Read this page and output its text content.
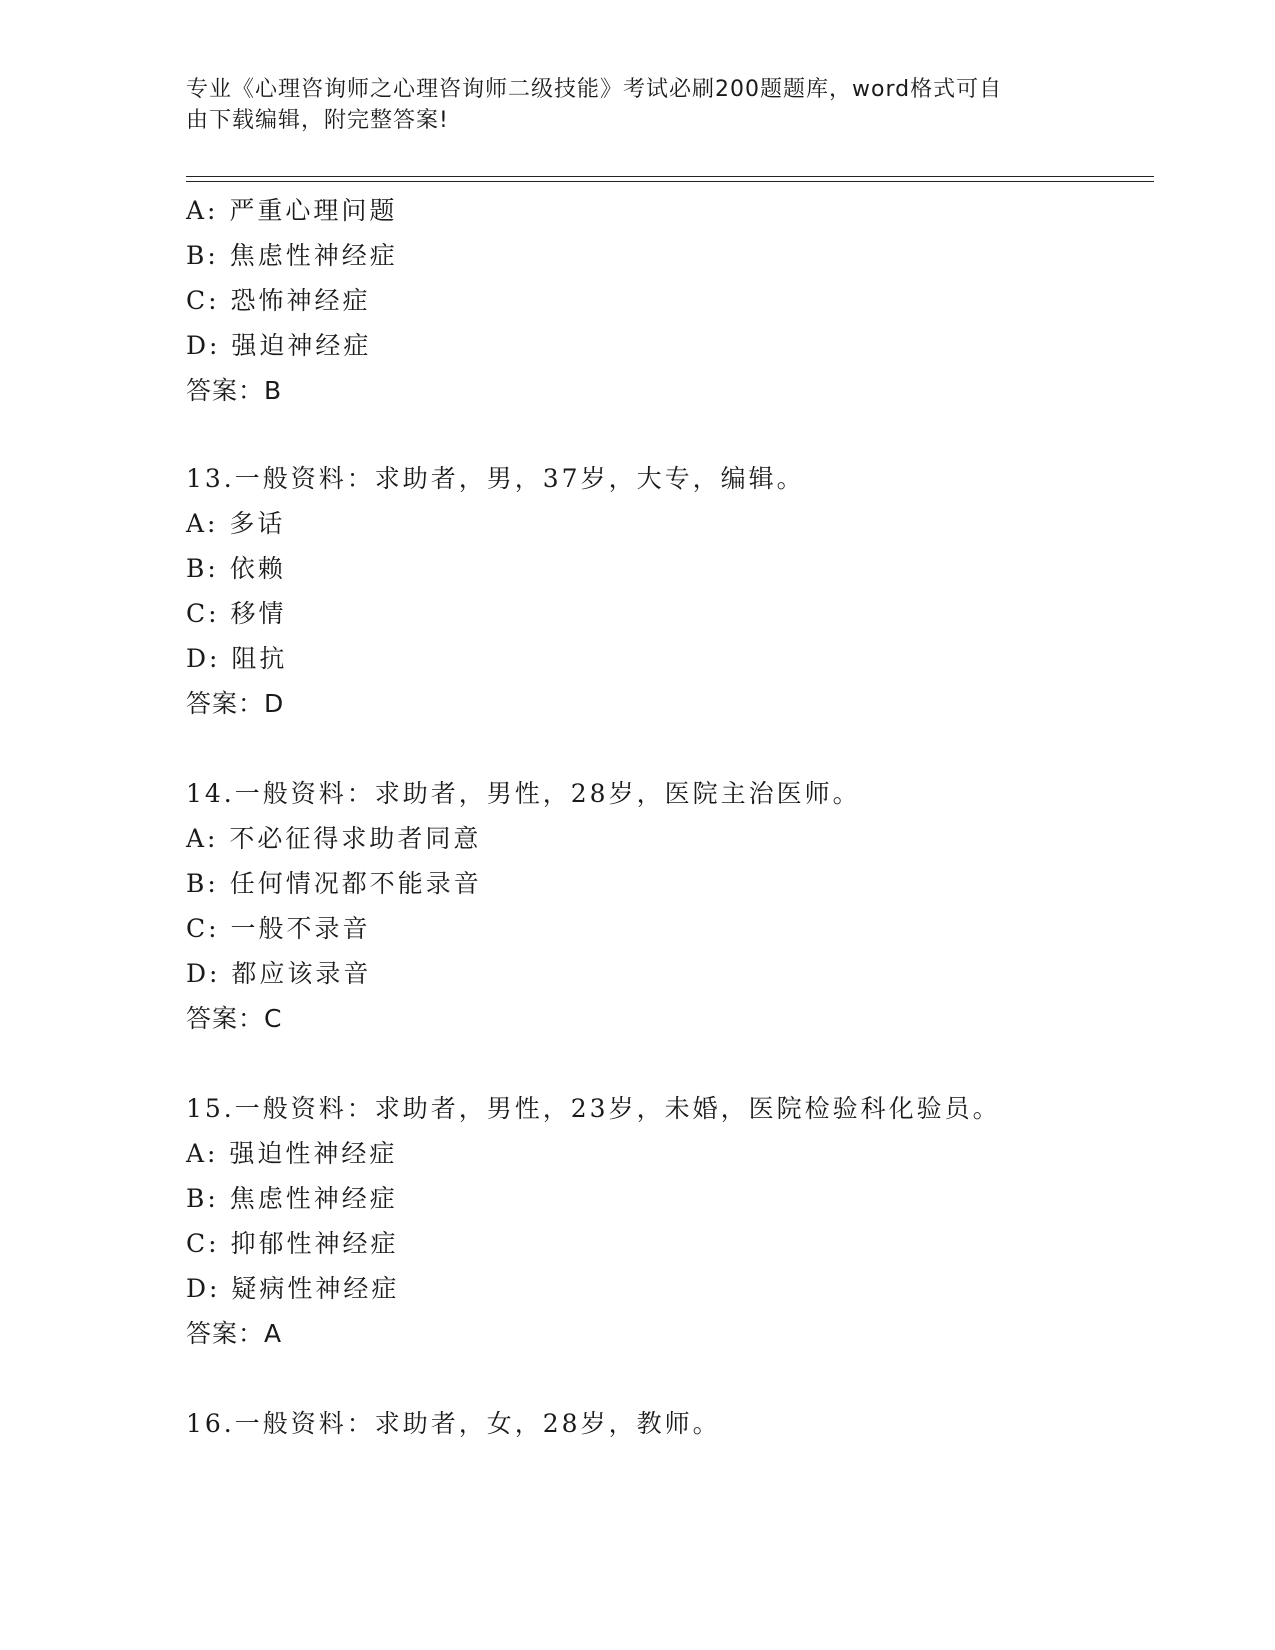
专业《心理咨询师之心理咨询师二级技能》考试必刷200题题库，word格式可自
由下载编辑，附完整答案!
A: 严重心理问题
B: 焦虑性神经症
C: 恐怖神经症
D: 强迫神经症
答案：B
13.一般资料：求助者，男，37岁，大专，编辑。
A: 多话
B: 依赖
C: 移情
D: 阻抗
答案：D
14.一般资料：求助者，男性，28岁，医院主治医师。
A: 不必征得求助者同意
B: 任何情况都不能录音
C: 一般不录音
D: 都应该录音
答案：C
15.一般资料：求助者，男性，23岁，未婚，医院检验科化验员。
A: 强迫性神经症
B: 焦虑性神经症
C: 抑郁性神经症
D: 疑病性神经症
答案：A
16.一般资料：求助者，女，28岁，教师。
